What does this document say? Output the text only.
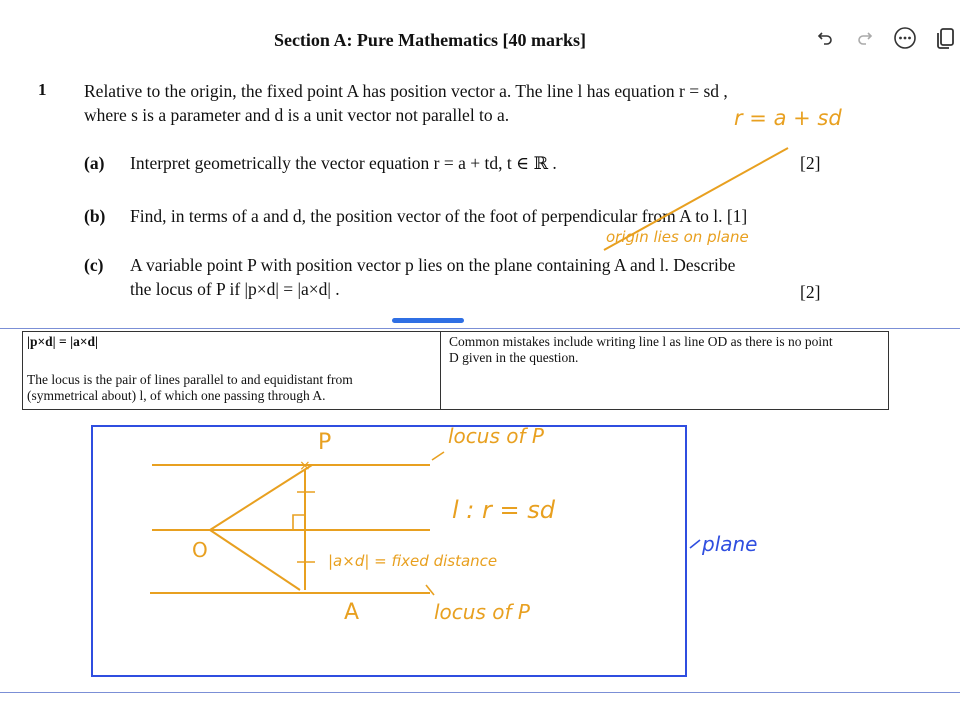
Section A: Pure Mathematics [40 marks]
1 Relative to the origin, the fixed point A has position vector a. The line l has equation r = sd ,
where s is a parameter and d is a unit vector not parallel to a.
(a) Interpret geometrically the vector equation r = a + td, t ∈ ℝ .	[2]
(b) Find, in terms of a and d, the position vector of the foot of perpendicular from A to l. [1]
(c) A variable point P with position vector p lies on the plane containing A and l. Describe
the locus of P if |p×d| = |a×d| .	[2]
|p×d| = |a×d|
The locus is the pair of lines parallel to and equidistant from
(symmetrical about) l, of which one passing through A.
Common mistakes include writing line l as line OD as there is no point
D given in the question.
×
r = a + sd
origin lies on plane
P
O
A
locus of P
l : r = sd
|a×d| = fixed distance
locus of P
plane
